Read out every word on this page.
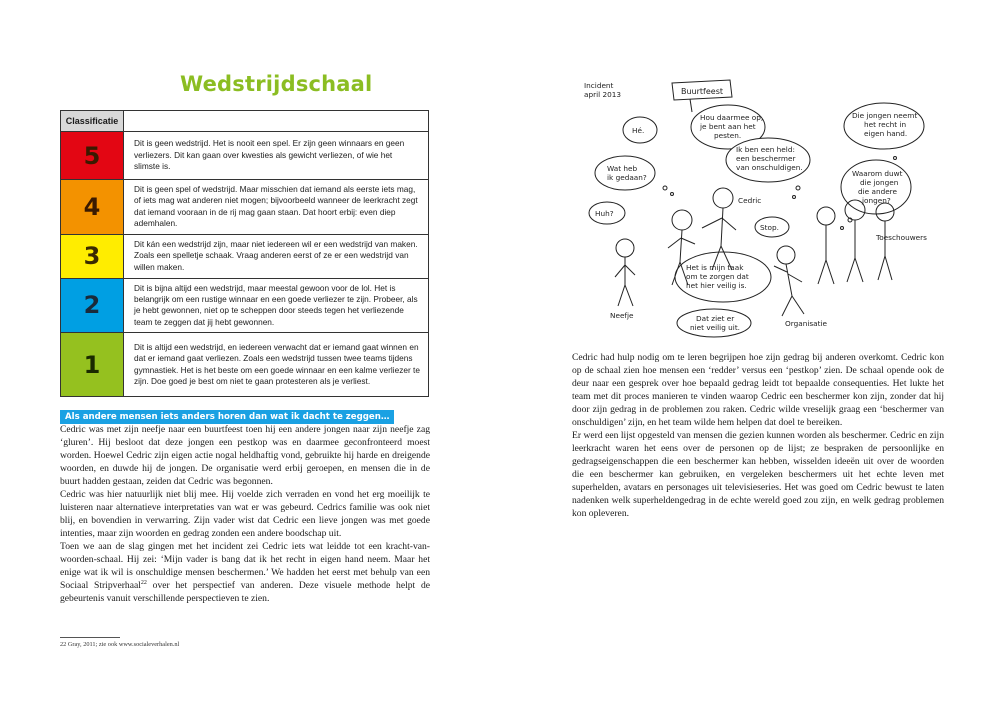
Wedstrijdschaal
Classificatie	
5	Dit is geen wedstrijd. Het is nooit een spel. Er zijn geen winnaars en geen verliezers. Dit kan gaan over kwesties als gewicht verliezen, of wie het slimste is.
4	Dit is geen spel of wedstrijd. Maar misschien dat iemand als eerste iets mag, of iets mag wat anderen niet mogen; bijvoorbeeld wanneer de leerkracht zegt dat iemand vooraan in de rij mag gaan staan. Dat hoort erbij: even diep ademhalen.
3	Dit kán een wedstrijd zijn, maar niet iedereen wil er een wedstrijd van maken. Zoals een spelletje schaak. Vraag anderen eerst of ze er een wedstrijd van willen maken.
2	Dit is bijna altijd een wedstrijd, maar meestal gewoon voor de lol. Het is belangrijk om een rustige winnaar en een goede verliezer te zijn. Probeer, als je hebt gewonnen, niet op te scheppen door steeds tegen het verliezende team te zeggen dat jij hebt gewonnen.
1	Dit is altijd een wedstrijd, en iedereen verwacht dat er iemand gaat winnen en dat er iemand gaat verliezen. Zoals een wedstrijd tussen twee teams tijdens gymnastiek. Het is het beste om een goede winnaar en een kalme verliezer te zijn. Doe goed je best om niet te gaan protesteren als je verliest.
Als andere mensen iets anders horen dan wat ik dacht te zeggen…

Cedric was met zijn neefje naar een buurtfeest toen hij een andere jongen naar zijn neefje zag ‘gluren’. Hij besloot dat deze jongen een pestkop was en daarmee geconfronteerd moest worden. Hoewel Cedric zijn eigen actie nogal heldhaftig vond, gebruikte hij harde en dreigende woorden, en duwde hij de jongen. De organisatie werd erbij geroepen, en mensen die in de buurt hadden gestaan, zeiden dat Cedric was begonnen.

Cedric was hier natuurlijk niet blij mee. Hij voelde zich verraden en vond het erg moeilijk te luisteren naar alternatieve interpretaties van wat er was gebeurd. Cedrics familie was ook niet blij, en bovendien in verwarring. Zijn vader wist dat Cedric een lieve jongen was met goede intenties, maar zijn woorden en gedrag zonden een andere boodschap uit.

Toen we aan de slag gingen met het incident zei Cedric iets wat leidde tot een kracht-van-woorden-schaal. Hij zei: ‘Mijn vader is bang dat ik het recht in eigen hand neem. Maar het enige wat ik wil is onschuldige mensen beschermen.’ We hadden het eerst met behulp van een Sociaal Stripverhaal$^{22}$ over het perspectief van anderen. Deze visuele methode helpt de gebeurtenis vanuit verschillende perspectieven te zien.

22 Gray, 2011; zie ook www.socialeverhalen.nl
Incident
april 2013	Buurtfeest
Hé.
Wat heb
ik gedaan?
Hou daarmee op,
je bent aan het
pesten.
Ik ben een held:
een beschermer
van onschuldigen.
Die jongen neemt
het recht in
eigen hand.
Waarom duwt
die jongen
die andere
jongen?
Huh?
Stop.
Het is mijn taak
om te zorgen dat
het hier veilig is.
Dat ziet er
niet veilig uit.
Cedric
Neefje
Toeschouwers
Organisatie

Cedric had hulp nodig om te leren begrijpen hoe zijn gedrag bij anderen overkomt. Cedric kon op de schaal zien hoe mensen een ‘redder’ versus een ‘pestkop’ zien. De schaal opende ook de deur naar een gesprek over hoe bepaald gedrag leidt tot bepaalde consequenties. Het lukte het team met dit proces manieren te vinden waarop Cedric een beschermer kon zijn, zonder dat hij door zijn gedrag in de problemen zou raken. Cedric wilde vreselijk graag een ‘beschermer van onschuldigen’ zijn, en het team wilde hem helpen dat doel te bereiken.

Er werd een lijst opgesteld van mensen die gezien kunnen worden als beschermer. Cedric en zijn leerkracht waren het eens over de personen op de lijst; ze bespraken de persoonlijke en gedragseigenschappen die een beschermer kan hebben, wisselden ideeën uit over de woorden die een beschermer kan gebruiken, en vergeleken beschermers uit het echte leven met superhelden, avatars en personages uit televisieseries. Het was goed om Cedric bewust te laten nadenken welk superheldengedrag in de echte wereld goed zou zijn, en welk gedrag problemen kon opleveren.
